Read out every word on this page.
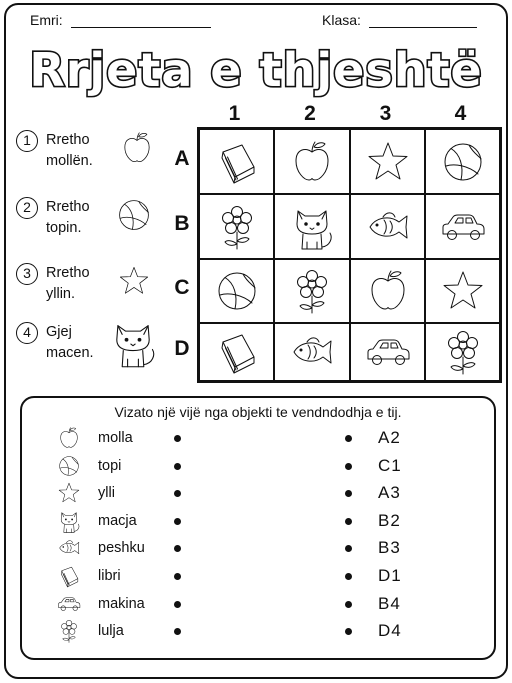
Emri:	Klasa:
Rrjeta e thjeshtë
1	Rretho
mollën.
2	Rretho
topin.
3	Rretho
yllin.
4	Gjej
macen.
1	2	3	4
A
B
C
D
Vizato një vijë nga objekti te vendndodhja e tij.
molla	A2
topi	C1
ylli	A3
macja	B2
peshku	B3
libri	D1
makina	B4
lulja	D4
